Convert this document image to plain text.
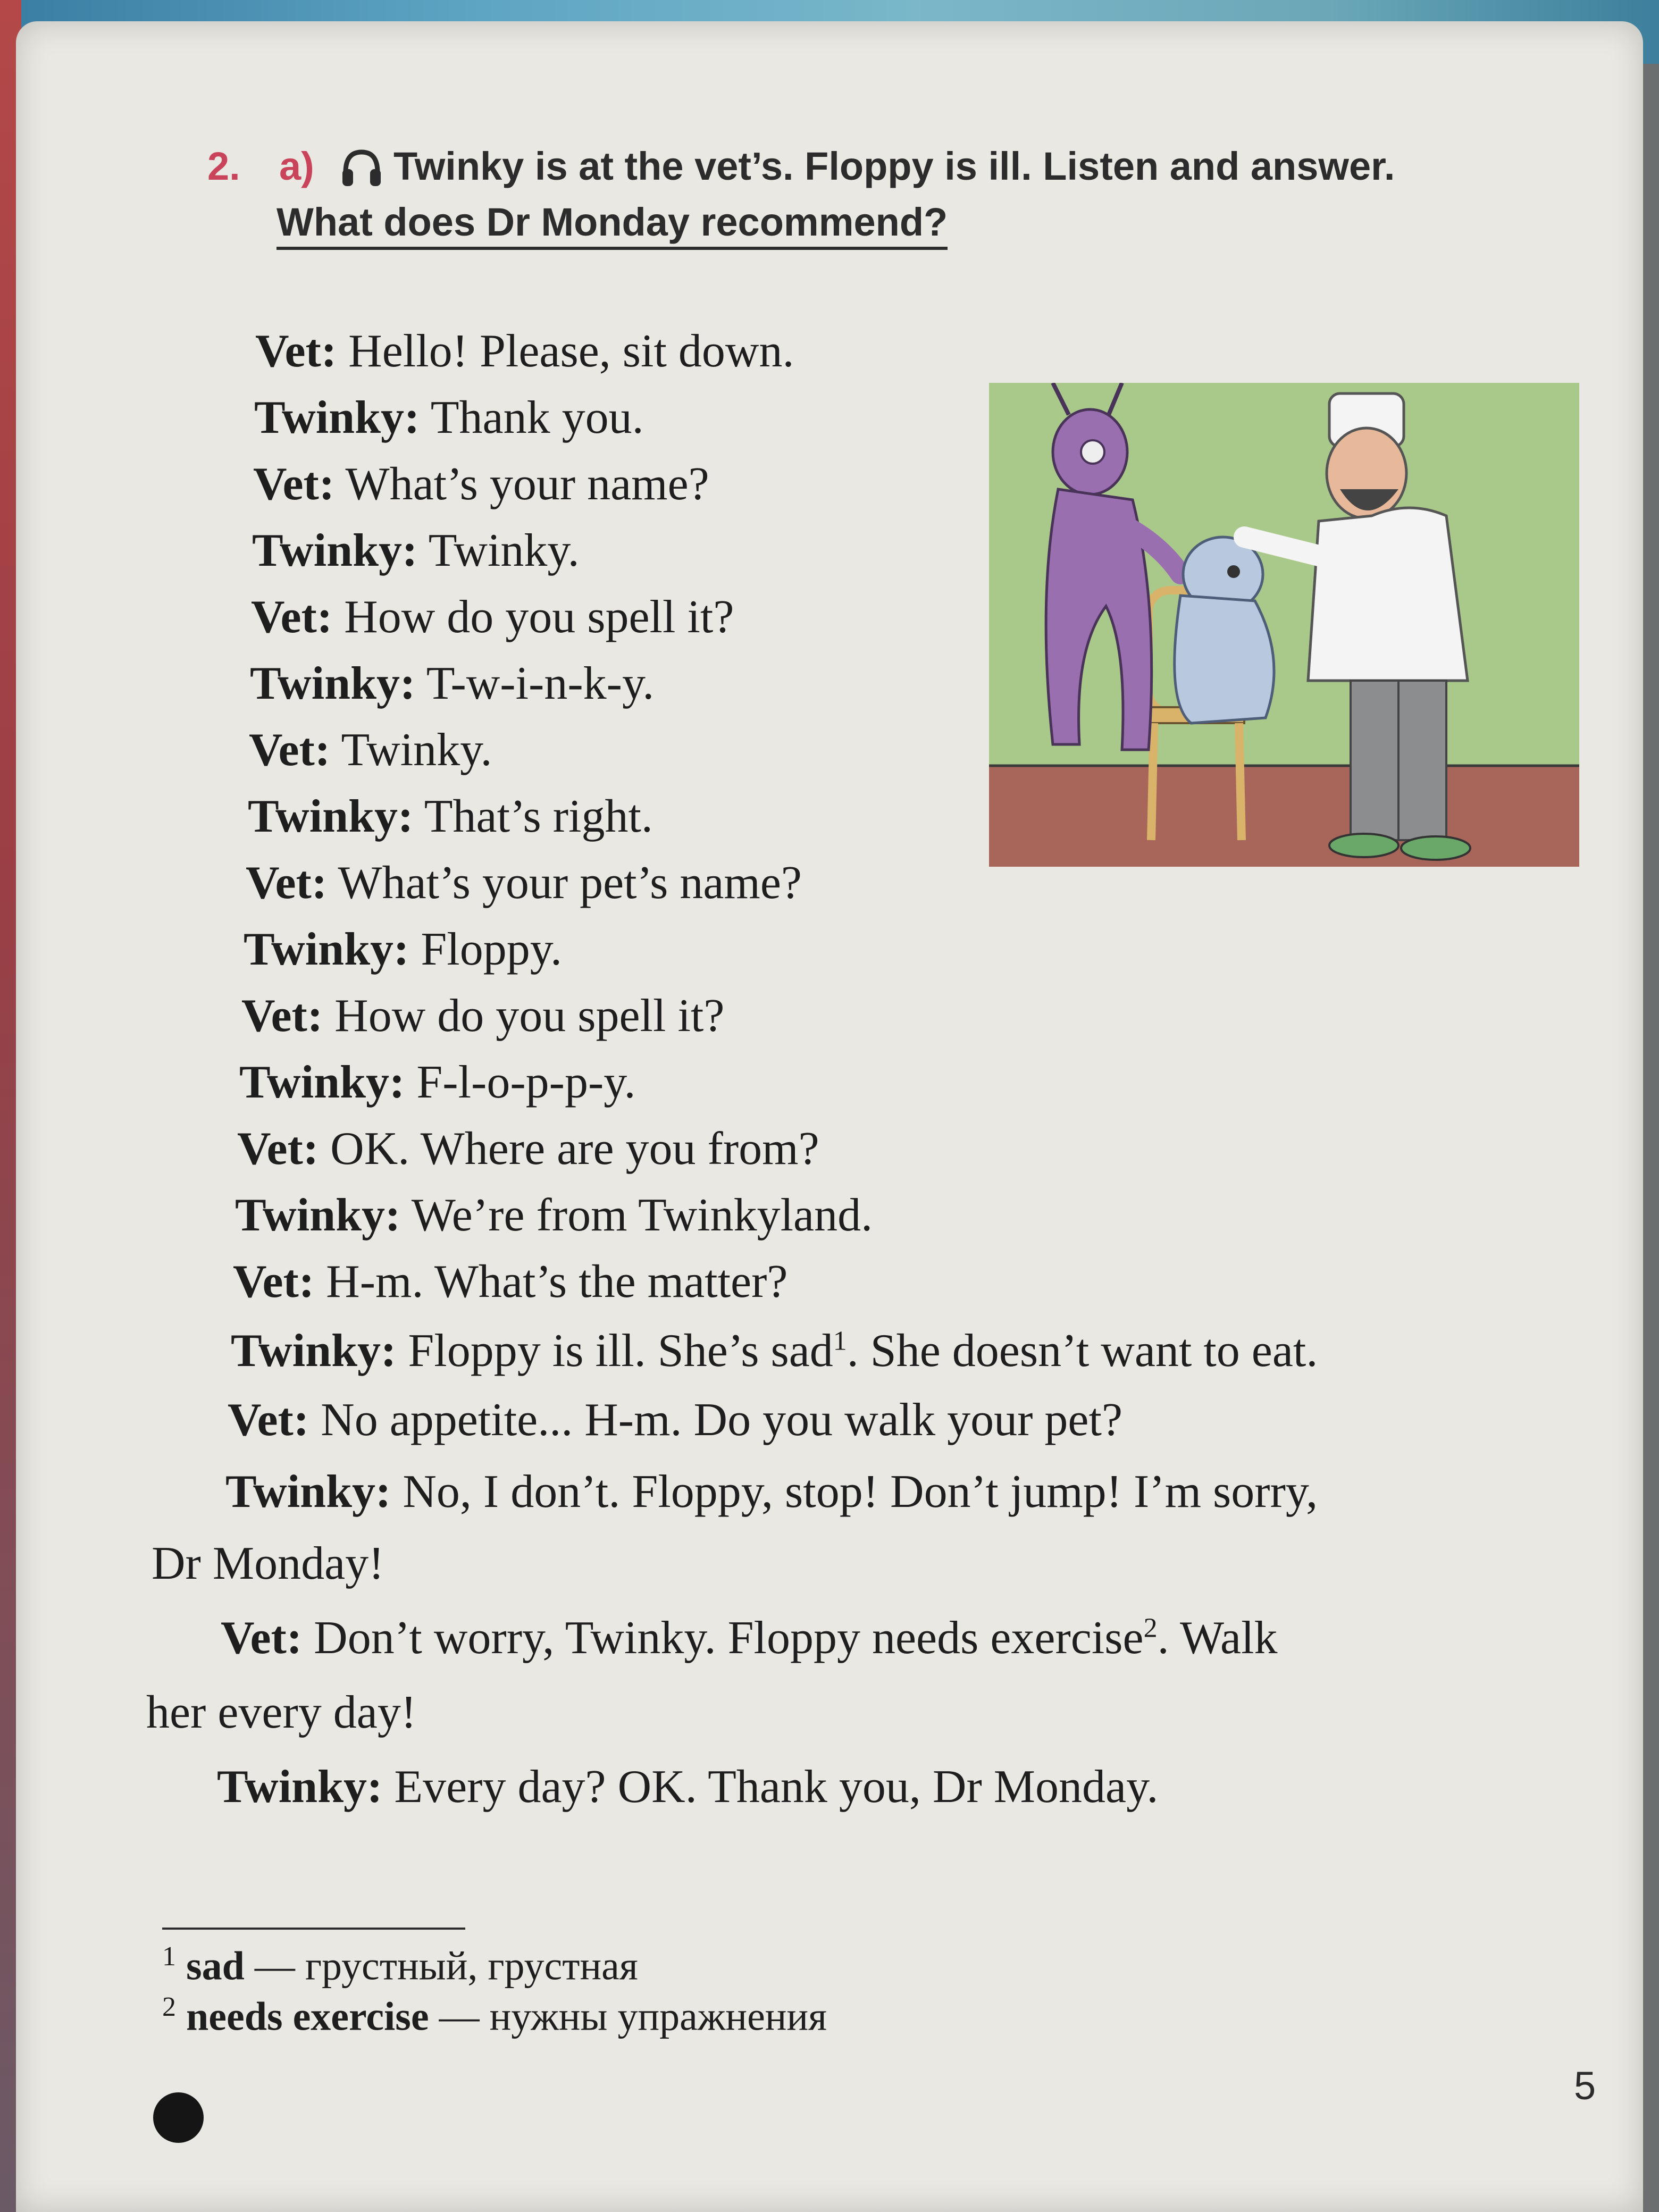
2. a) Twinky is at the vet’s. Floppy is ill. Listen and answer.
What does Dr Monday recommend?
Vet: Hello! Please, sit down.
Twinky: Thank you.
Vet: What’s your name?
Twinky: Twinky.
Vet: How do you spell it?
Twinky: T-w-i-n-k-y.
Vet: Twinky.
Twinky: That’s right.
Vet: What’s your pet’s name?
Twinky: Floppy.
Vet: How do you spell it?
Twinky: F-l-o-p-p-y.
Vet: OK. Where are you from?
Twinky: We’re from Twinkyland.
Vet: H-m. What’s the matter?
Twinky: Floppy is ill. She’s sad$^1$. She doesn’t want to eat.
Vet: No appetite... H-m. Do you walk your pet?
Twinky: No, I don’t. Floppy, stop! Don’t jump! I’m sorry,
Dr Monday!
Vet: Don’t worry, Twinky. Floppy needs exercise$^2$. Walk
her every day!
Twinky: Every day? OK. Thank you, Dr Monday.
$^1$ sad — грустный, грустная
$^2$ needs exercise — нужны упражнения
5
